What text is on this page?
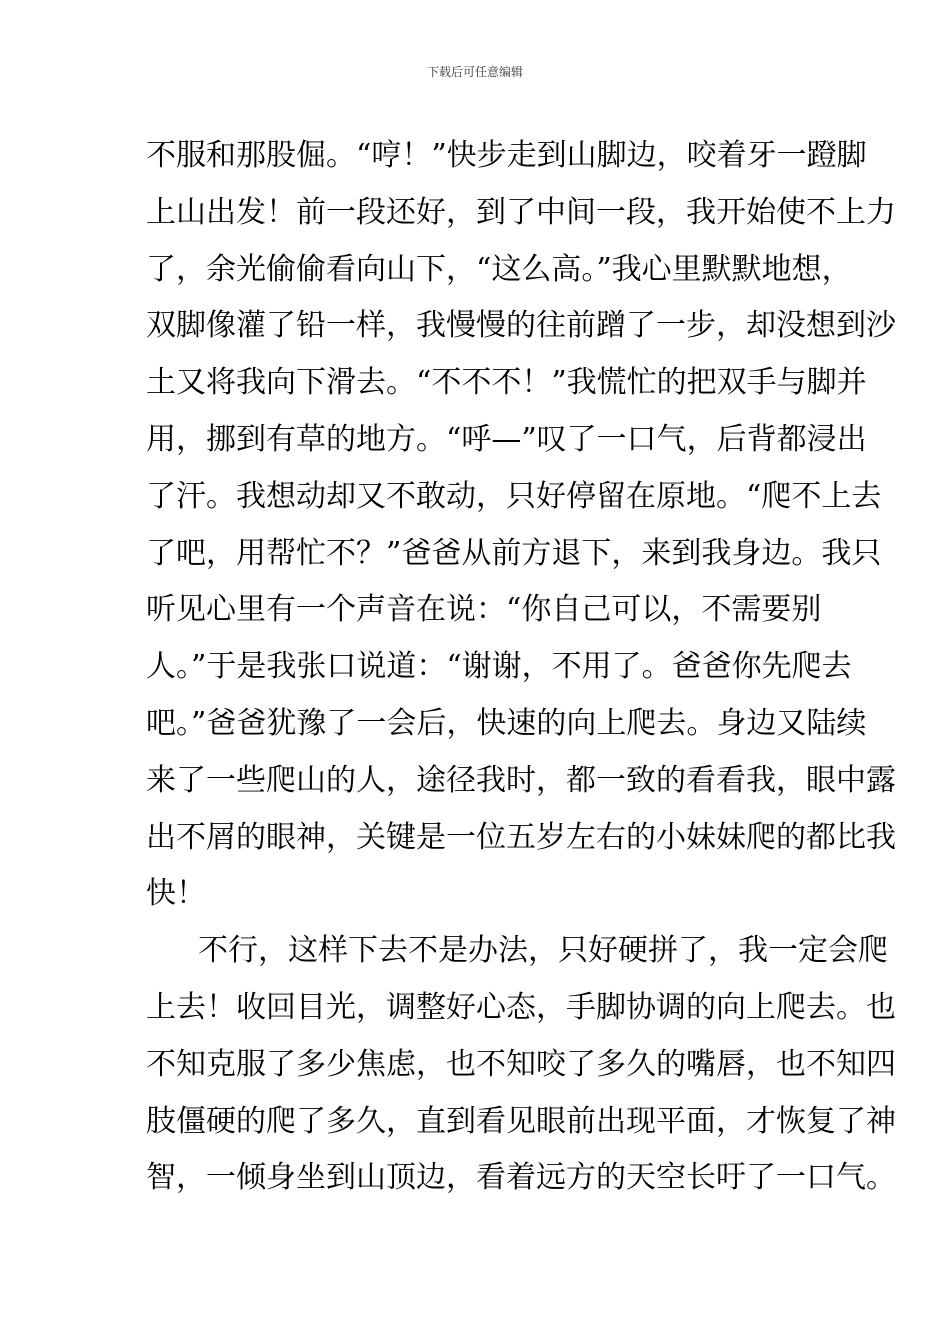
下载后可任意编辑
不服和那股倔。“哼！”快步走到山脚边，咬着牙一蹬脚
上山出发！前一段还好，到了中间一段，我开始使不上力
了，余光偷偷看向山下，“这么高。”我心里默默地想，
双脚像灌了铅一样，我慢慢的往前蹭了一步，却没想到沙
土又将我向下滑去。“不不不！”我慌忙的把双手与脚并
用，挪到有草的地方。“呼—”叹了一口气，后背都浸出
了汗。我想动却又不敢动，只好停留在原地。“爬不上去
了吧，用帮忙不？”爸爸从前方退下，来到我身边。我只
听见心里有一个声音在说：“你自己可以，不需要别
人。”于是我张口说道：“谢谢，不用了。爸爸你先爬去
吧。”爸爸犹豫了一会后，快速的向上爬去。身边又陆续
来了一些爬山的人，途径我时，都一致的看看我，眼中露
出不屑的眼神，关键是一位五岁左右的小妹妹爬的都比我
快！
不行，这样下去不是办法，只好硬拼了，我一定会爬
上去！收回目光，调整好心态，手脚协调的向上爬去。也
不知克服了多少焦虑，也不知咬了多久的嘴唇，也不知四
肢僵硬的爬了多久，直到看见眼前出现平面，才恢复了神
智，一倾身坐到山顶边，看着远方的天空长吁了一口气。
